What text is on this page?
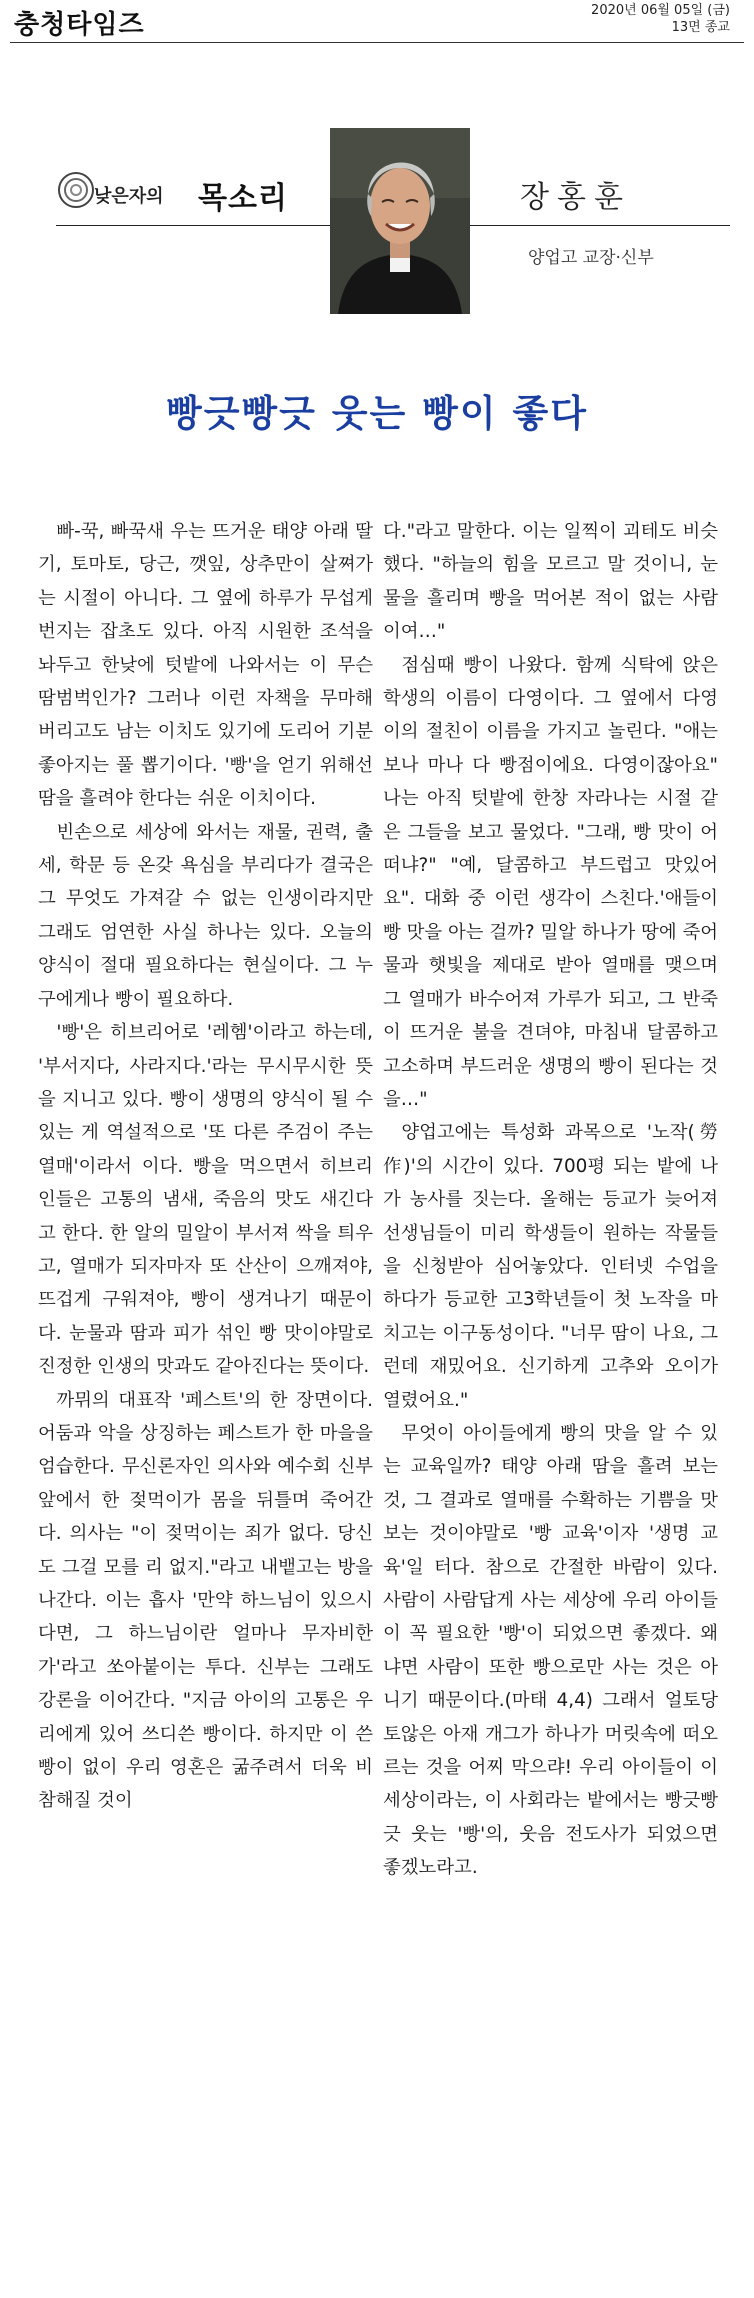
충청타임즈	2020년 06월 05일 (금)
13면 종교
낮은자의 목소리	장홍훈
양업고 교장·신부
빵긋빵긋 웃는 빵이 좋다

빠-꾹, 빠꾹새 우는 뜨거운 태양 아래 딸기, 토마토, 당근, 깻잎, 상추만이 살쪄가는 시절이 아니다. 그 옆에 하루가 무섭게 번지는 잡초도 있다. 아직 시원한 조석을 놔두고 한낮에 텃밭에 나와서는 이 무슨 땀범벅인가? 그러나 이런 자책을 무마해버리고도 남는 이치도 있기에 도리어 기분 좋아지는 풀 뽑기이다. '빵'을 얻기 위해선 땀을 흘려야 한다는 쉬운 이치이다.

빈손으로 세상에 와서는 재물, 권력, 출세, 학문 등 온갖 욕심을 부리다가 결국은 그 무엇도 가져갈 수 없는 인생이라지만 그래도 엄연한 사실 하나는 있다. 오늘의 양식이 절대 필요하다는 현실이다. 그 누구에게나 빵이 필요하다.

'빵'은 히브리어로 '레헴'이라고 하는데, '부서지다, 사라지다.'라는 무시무시한 뜻을 지니고 있다. 빵이 생명의 양식이 될 수 있는 게 역설적으로 '또 다른 주검이 주는 열매'이라서 이다. 빵을 먹으면서 히브리인들은 고통의 냄새, 죽음의 맛도 새긴다고 한다. 한 알의 밀알이 부서져 싹을 틔우고, 열매가 되자마자 또 산산이 으깨져야, 뜨겁게 구워져야, 빵이 생겨나기 때문이다. 눈물과 땀과 피가 섞인 빵 맛이야말로 진정한 인생의 맛과도 같아진다는 뜻이다.

까뮈의 대표작 '페스트'의 한 장면이다. 어둠과 악을 상징하는 페스트가 한 마을을 엄습한다. 무신론자인 의사와 예수회 신부 앞에서 한 젖먹이가 몸을 뒤틀며 죽어간다. 의사는 "이 젖먹이는 죄가 없다. 당신도 그걸 모를 리 없지."라고 내뱉고는 방을 나간다. 이는 흡사 '만약 하느님이 있으시다면, 그 하느님이란 얼마나 무자비한가'라고 쏘아붙이는 투다. 신부는 그래도 강론을 이어간다. "지금 아이의 고통은 우리에게 있어 쓰디쓴 빵이다. 하지만 이 쓴 빵이 없이 우리 영혼은 굶주려서 더욱 비참해질 것이

다."라고 말한다. 이는 일찍이 괴테도 비슷했다. "하늘의 힘을 모르고 말 것이니, 눈물을 흘리며 빵을 먹어본 적이 없는 사람이여…"

점심때 빵이 나왔다. 함께 식탁에 앉은 학생의 이름이 다영이다. 그 옆에서 다영이의 절친이 이름을 가지고 놀린다. "애는 보나 마나 다 빵점이에요. 다영이잖아요" 나는 아직 텃밭에 한창 자라나는 시절 같은 그들을 보고 물었다. "그래, 빵 맛이 어떠냐?" "예, 달콤하고 부드럽고 맛있어요". 대화 중 이런 생각이 스친다.'애들이 빵 맛을 아는 걸까? 밀알 하나가 땅에 죽어 물과 햇빛을 제대로 받아 열매를 맺으며 그 열매가 바수어져 가루가 되고, 그 반죽이 뜨거운 불을 견뎌야, 마침내 달콤하고 고소하며 부드러운 생명의 빵이 된다는 것을…"

양업고에는 특성화 과목으로 '노작(勞作)'의 시간이 있다. 700평 되는 밭에 나가 농사를 짓는다. 올해는 등교가 늦어져 선생님들이 미리 학생들이 원하는 작물들을 신청받아 심어놓았다. 인터넷 수업을 하다가 등교한 고3학년들이 첫 노작을 마치고는 이구동성이다. "너무 땀이 나요, 그런데 재밌어요. 신기하게 고추와 오이가 열렸어요."

무엇이 아이들에게 빵의 맛을 알 수 있는 교육일까? 태양 아래 땀을 흘려 보는 것, 그 결과로 열매를 수확하는 기쁨을 맛보는 것이야말로 '빵 교육'이자 '생명 교육'일 터다. 참으로 간절한 바람이 있다. 사람이 사람답게 사는 세상에 우리 아이들이 꼭 필요한 '빵'이 되었으면 좋겠다. 왜냐면 사람이 또한 빵으로만 사는 것은 아니기 때문이다.(마태 4,4) 그래서 얼토당토않은 아재 개그가 하나가 머릿속에 떠오르는 것을 어찌 막으랴! 우리 아이들이 이 세상이라는, 이 사회라는 밭에서는 빵긋빵긋 웃는 '빵'의, 웃음 전도사가 되었으면 좋겠노라고.
